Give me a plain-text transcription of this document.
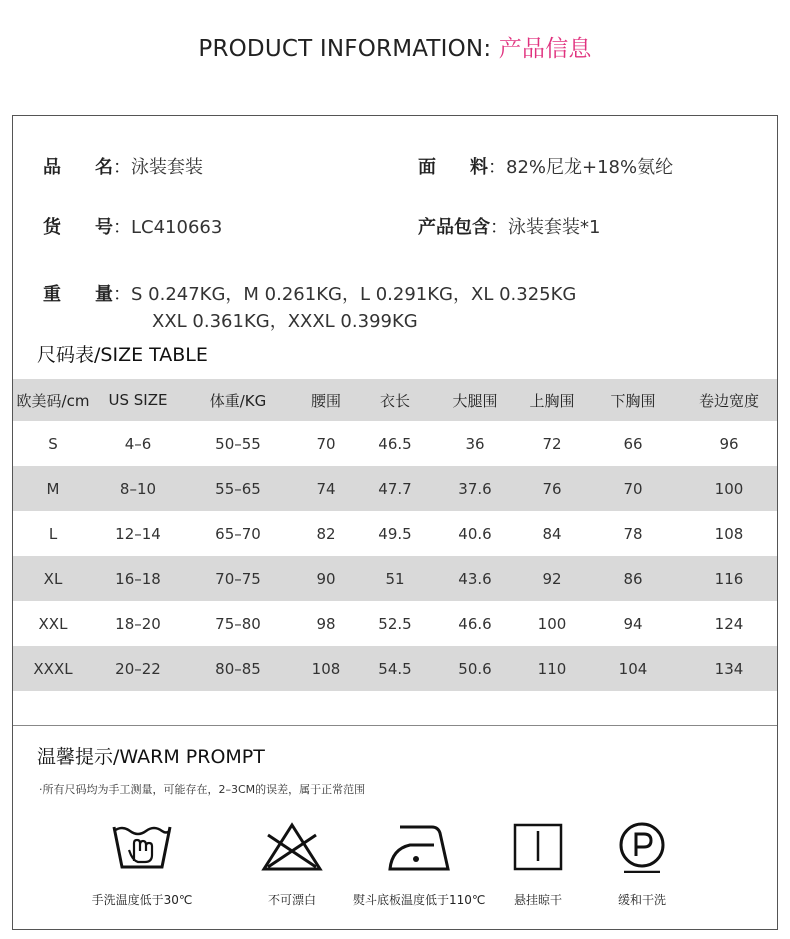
PRODUCT INFORMATION: 产品信息
品名：泳装套装	面料：82%尼龙+18%氨纶
货号：LC410663	产品包含：泳装套装*1
重量：S 0.247KG，M 0.261KG，L 0.291KG，XL 0.325KG
XXL 0.361KG，XXXL 0.399KG
尺码表/SIZE TABLE
欧美码/cm	US SIZE	体重/KG	腰围	衣长	大腿围	上胸围	下胸围	卷边宽度
S	4–6	50–55	70	46.5	36	72	66	96
M	8–10	55–65	74	47.7	37.6	76	70	100
L	12–14	65–70	82	49.5	40.6	84	78	108
XL	16–18	70–75	90	51	43.6	92	86	116
XXL	18–20	75–80	98	52.5	46.6	100	94	124
XXXL	20–22	80–85	108	54.5	50.6	110	104	134
温馨提示/WARM PROMPT
·所有尺码均为手工测量，可能存在，2–3CM的误差，属于正常范围
手洗温度低于30℃	不可漂白	熨斗底板温度低于110℃	悬挂晾干	缓和干洗
